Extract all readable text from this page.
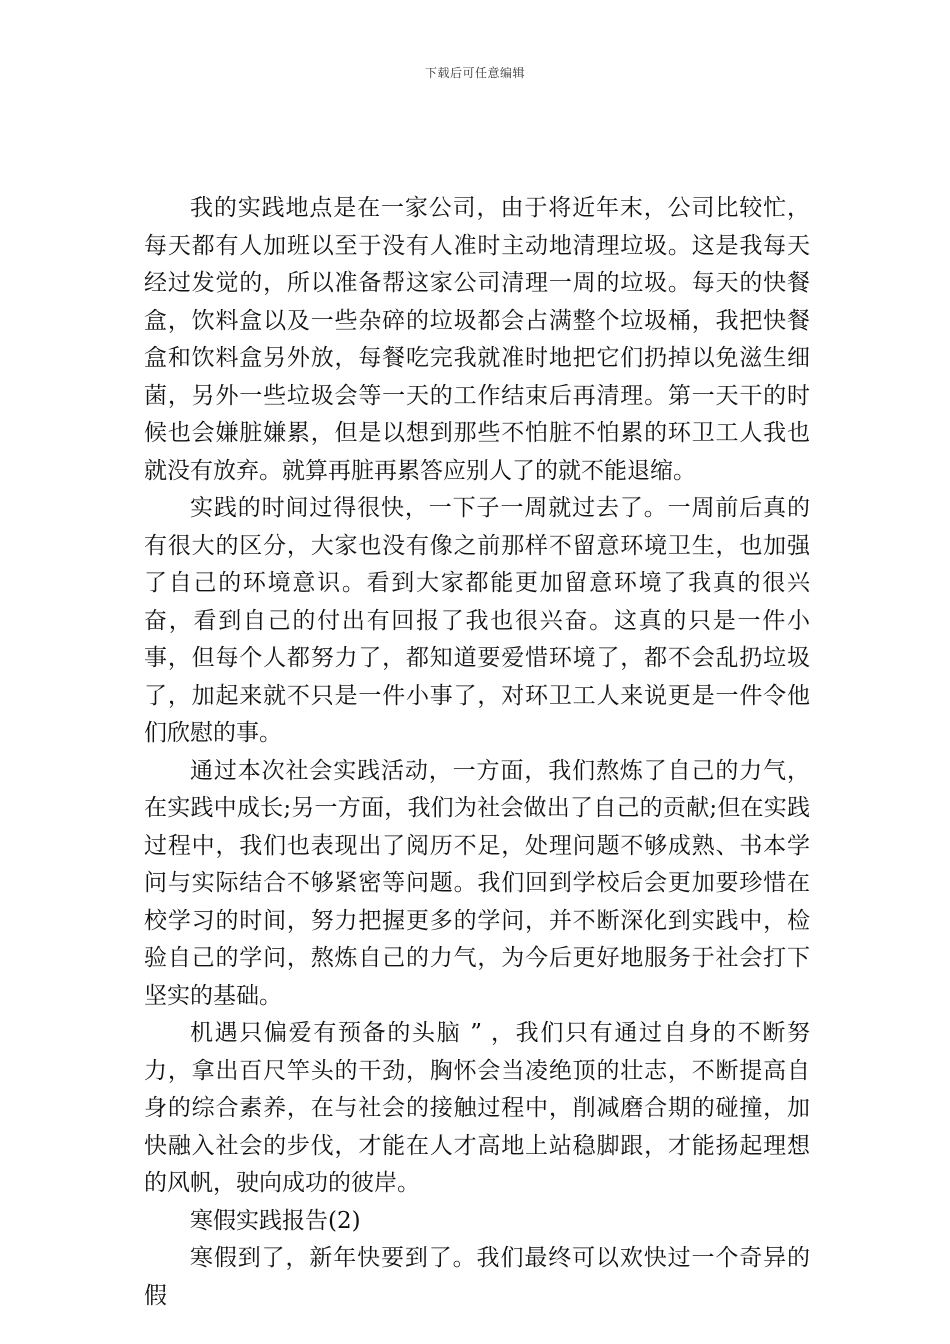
下载后可任意编辑

我的实践地点是在一家公司，由于将近年末，公司比较忙，每天都有人加班以至于没有人准时主动地清理垃圾。这是我每天经过发觉的，所以准备帮这家公司清理一周的垃圾。每天的快餐盒，饮料盒以及一些杂碎的垃圾都会占满整个垃圾桶，我把快餐盒和饮料盒另外放，每餐吃完我就准时地把它们扔掉以免滋生细菌，另外一些垃圾会等一天的工作结束后再清理。第一天干的时候也会嫌脏嫌累，但是以想到那些不怕脏不怕累的环卫工人我也就没有放弃。就算再脏再累答应别人了的就不能退缩。

实践的时间过得很快，一下子一周就过去了。一周前后真的有很大的区分，大家也没有像之前那样不留意环境卫生，也加强了自己的环境意识。看到大家都能更加留意环境了我真的很兴奋，看到自己的付出有回报了我也很兴奋。这真的只是一件小事，但每个人都努力了，都知道要爱惜环境了，都不会乱扔垃圾了，加起来就不只是一件小事了，对环卫工人来说更是一件令他们欣慰的事。

通过本次社会实践活动，一方面，我们熬炼了自己的力气，在实践中成长;另一方面，我们为社会做出了自己的贡献;但在实践过程中，我们也表现出了阅历不足，处理问题不够成熟、书本学问与实际结合不够紧密等问题。我们回到学校后会更加要珍惜在校学习的时间，努力把握更多的学问，并不断深化到实践中，检验自己的学问，熬炼自己的力气，为今后更好地服务于社会打下坚实的基础。

机遇只偏爱有预备的头脑 ” ，我们只有通过自身的不断努力，拿出百尺竿头的干劲，胸怀会当凌绝顶的壮志，不断提高自身的综合素养，在与社会的接触过程中，削减磨合期的碰撞，加快融入社会的步伐，才能在人才高地上站稳脚跟，才能扬起理想的风帆，驶向成功的彼岸。

寒假实践报告(2)

寒假到了，新年快要到了。我们最终可以欢快过一个奇异的假
